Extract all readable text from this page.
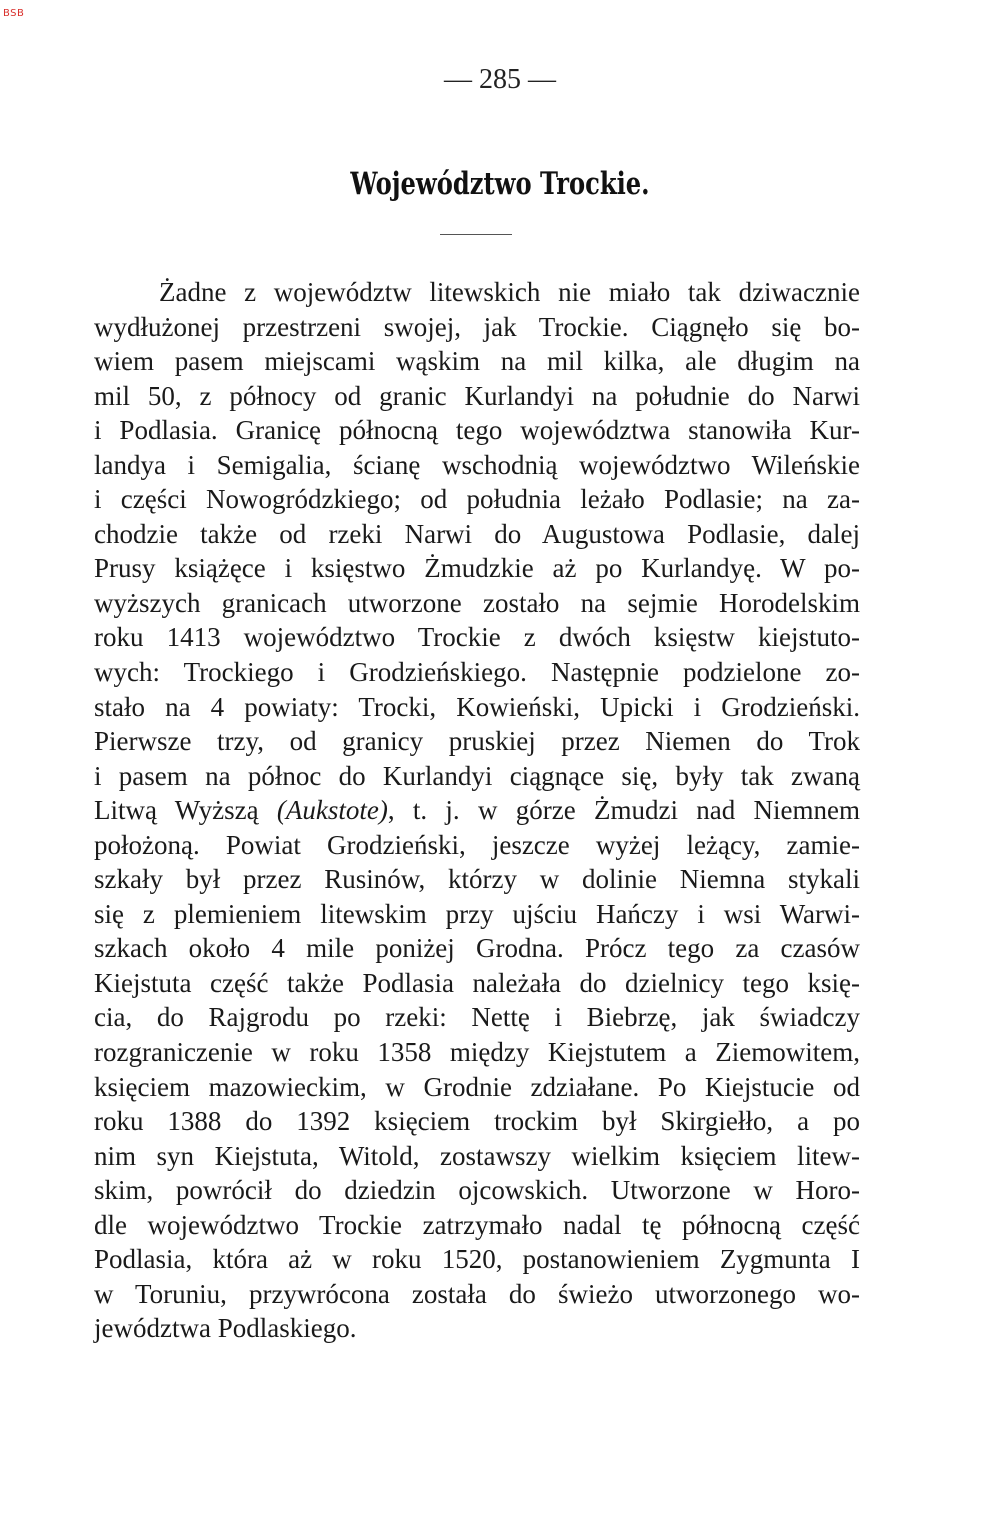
BSB
— 285 —
Województwo Trockie.
Żadne z województw litewskich nie miało tak dziwacznie
wydłużonej przestrzeni swojej, jak Trockie. Ciągnęło się bo-
wiem pasem miejscami wąskim na mil kilka, ale długim na
mil 50, z północy od granic Kurlandyi na południe do Narwi
i Podlasia. Granicę północną tego województwa stanowiła Kur-
landya i Semigalia, ścianę wschodnią województwo Wileńskie
i części Nowogródzkiego; od południa leżało Podlasie; na za-
chodzie także od rzeki Narwi do Augustowa Podlasie, dalej
Prusy książęce i księstwo Żmudzkie aż po Kurlandyę. W po-
wyższych granicach utworzone zostało na sejmie Horodelskim
roku 1413 województwo Trockie z dwóch księstw kiejstuto-
wych: Trockiego i Grodzieńskiego. Następnie podzielone zo-
stało na 4 powiaty: Trocki, Kowieński, Upicki i Grodzieński.
Pierwsze trzy, od granicy pruskiej przez Niemen do Trok
i pasem na północ do Kurlandyi ciągnące się, były tak zwaną
Litwą Wyższą (Aukstote), t. j. w górze Żmudzi nad Niemnem
położoną. Powiat Grodzieński, jeszcze wyżej leżący, zamie-
szkały był przez Rusinów, którzy w dolinie Niemna stykali
się z plemieniem litewskim przy ujściu Hańczy i wsi Warwi-
szkach około 4 mile poniżej Grodna. Prócz tego za czasów
Kiejstuta część także Podlasia należała do dzielnicy tego księ-
cia, do Rajgrodu po rzeki: Nettę i Biebrzę, jak świadczy
rozgraniczenie w roku 1358 między Kiejstutem a Ziemowitem,
księciem mazowieckim, w Grodnie zdziałane. Po Kiejstucie od
roku 1388 do 1392 księciem trockim był Skirgiełło, a po
nim syn Kiejstuta, Witold, zostawszy wielkim księciem litew-
skim, powrócił do dziedzin ojcowskich. Utworzone w Horo-
dle województwo Trockie zatrzymało nadal tę północną część
Podlasia, która aż w roku 1520, postanowieniem Zygmunta I
w Toruniu, przywrócona została do świeżo utworzonego wo-
jewództwa Podlaskiego.
